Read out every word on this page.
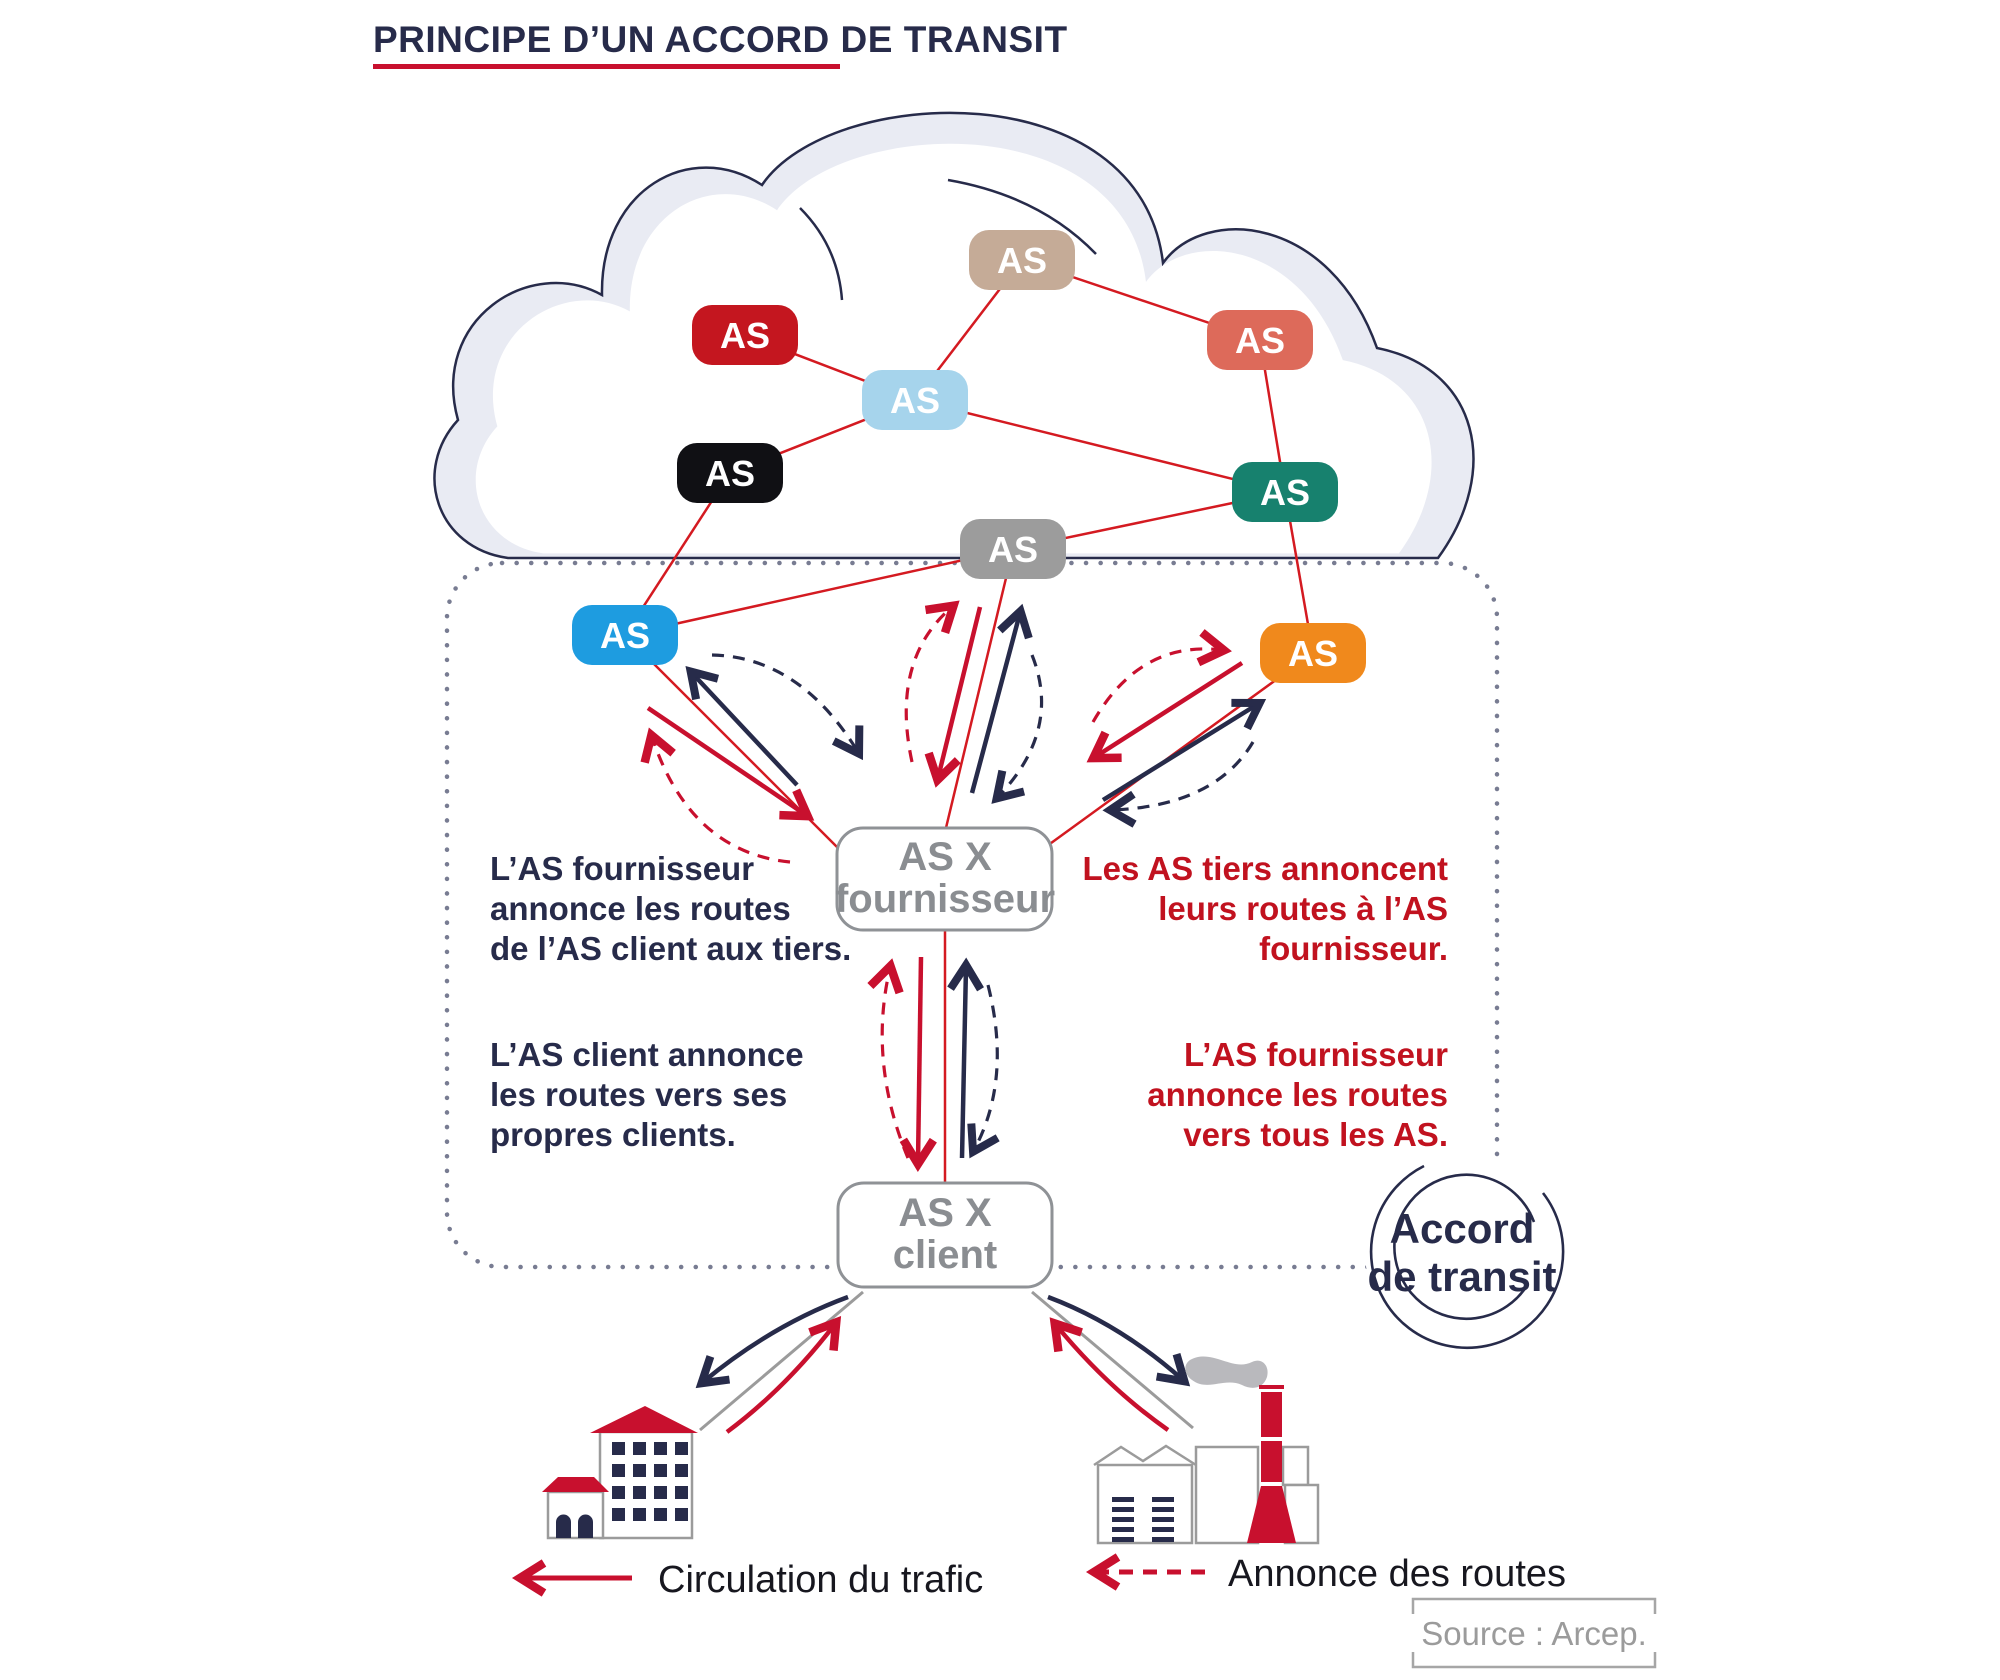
AS
AS	AS
AS
AS	AS
AS
AS	AS
AS X
fournisseur
AS X
client
L’AS fournisseur
annonce les routes
de l’AS client aux tiers.
L’AS client annonce
les routes vers ses
propres clients.
Les AS tiers annoncent
leurs routes à l’AS
fournisseur.
L’AS fournisseur
annonce les routes
vers tous les AS.
Accord
de transit
Circulation du trafic	Annonce des routes
Source : Arcep.
PRINCIPE D’UN ACCORD DE TRANSIT
